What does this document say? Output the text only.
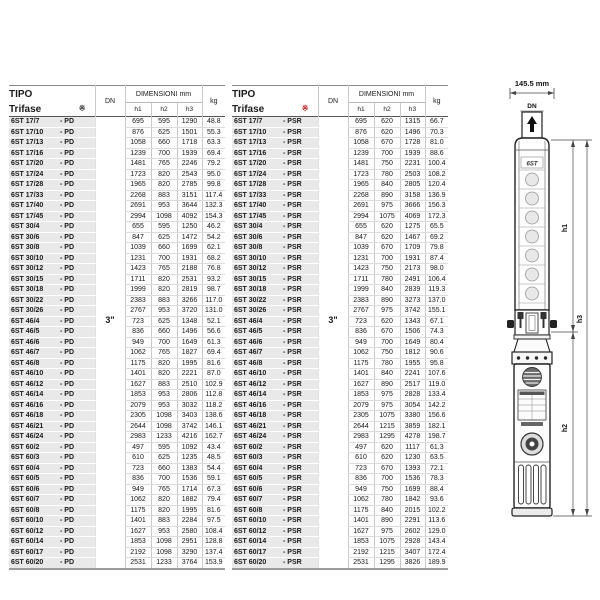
TIPO	DN	DIMENSIONI mm			kg

Trifase ※		h1	h2	h3	
6ST 17/7 - PD		695	595	1290	48.8
6ST 17/10 - PD		876	625	1501	55.3
6ST 17/13 - PD		1058	660	1718	63.3
6ST 17/16 - PD		1239	700	1939	69.4
6ST 17/20 - PD		1481	765	2246	79.2
6ST 17/24 - PD		1723	820	2543	95.0
6ST 17/28 - PD		1965	820	2785	99.8
6ST 17/33 - PD		2268	883	3151	117.4
6ST 17/40 - PD		2691	953	3644	132.3
6ST 17/45 - PD		2994	1098	4092	154.3
6ST 30/4 - PD		655	595	1250	46.2
6ST 30/6 - PD		847	625	1472	54.2
6ST 30/8 - PD		1039	660	1699	62.1
6ST 30/10 - PD		1231	700	1931	68.2
6ST 30/12 - PD		1423	765	2188	76.8
6ST 30/15 - PD		1711	820	2531	93.2
6ST 30/18 - PD		1999	820	2819	98.7
6ST 30/22 - PD		2383	883	3266	117.0
6ST 30/26 - PD		2767	953	3720	131.0
6ST 46/4 - PD		723	625	1348	52.1
6ST 46/5 - PD		836	660	1496	56.6
6ST 46/6 - PD		949	700	1649	61.3
6ST 46/7 - PD		1062	765	1827	69.4
6ST 46/8 - PD		1175	820	1995	81.6
6ST 46/10 - PD		1401	820	2221	87.0
6ST 46/12 - PD		1627	883	2510	102.9
6ST 46/14 - PD		1853	953	2806	112.8
6ST 46/16 - PD		2079	953	3032	118.2
6ST 46/18 - PD		2305	1098	3403	138.6
6ST 46/21 - PD		2644	1098	3742	146.1
6ST 46/24 - PD		2983	1233	4216	162.7
6ST 60/2 - PD		497	595	1092	43.4
6ST 60/3 - PD		610	625	1235	48.5
6ST 60/4 - PD		723	660	1383	54.4
6ST 60/5 - PD		836	700	1536	59.1
6ST 60/6 - PD		949	765	1714	67.3
6ST 60/7 - PD		1062	820	1882	79.4
6ST 60/8 - PD		1175	820	1995	81.6
6ST 60/10 - PD		1401	883	2284	97.5
6ST 60/12 - PD		1627	953	2580	108.4
6ST 60/14 - PD		1853	1098	2951	128.8
6ST 60/17 - PD		2192	1098	3290	137.4
6ST 60/20 - PD		2531	1233	3764	153.9
3"
TIPO	DN	DIMENSIONI mm			kg

Trifase ※		h1	h2	h3	
6ST 17/7 - PSR		695	620	1315	66.7
6ST 17/10 - PSR		876	620	1496	70.3
6ST 17/13 - PSR		1058	670	1728	81.0
6ST 17/16 - PSR		1239	700	1939	88.6
6ST 17/20 - PSR		1481	750	2231	100.4
6ST 17/24 - PSR		1723	780	2503	108.2
6ST 17/28 - PSR		1965	840	2805	120.4
6ST 17/33 - PSR		2268	890	3158	136.9
6ST 17/40 - PSR		2691	975	3666	156.3
6ST 17/45 - PSR		2994	1075	4069	172.3
6ST 30/4 - PSR		655	620	1275	65.5
6ST 30/6 - PSR		847	620	1467	69.2
6ST 30/8 - PSR		1039	670	1709	79.8
6ST 30/10 - PSR		1231	700	1931	87.4
6ST 30/12 - PSR		1423	750	2173	98.0
6ST 30/15 - PSR		1711	780	2491	106.4
6ST 30/18 - PSR		1999	840	2839	119.3
6ST 30/22 - PSR		2383	890	3273	137.0
6ST 30/26 - PSR		2767	975	3742	155.1
6ST 46/4 - PSR		723	620	1343	67.1
6ST 46/5 - PSR		836	670	1506	74.3
6ST 46/6 - PSR		949	700	1649	80.4
6ST 46/7 - PSR		1062	750	1812	90.6
6ST 46/8 - PSR		1175	780	1955	95.8
6ST 46/10 - PSR		1401	840	2241	107.6
6ST 46/12 - PSR		1627	890	2517	119.0
6ST 46/14 - PSR		1853	975	2828	133.4
6ST 46/16 - PSR		2079	975	3054	142.2
6ST 46/18 - PSR		2305	1075	3380	156.6
6ST 46/21 - PSR		2644	1215	3859	182.1
6ST 46/24 - PSR		2983	1295	4278	198.7
6ST 60/2 - PSR		497	620	1117	61.3
6ST 60/3 - PSR		610	620	1230	63.5
6ST 60/4 - PSR		723	670	1393	72.1
6ST 60/5 - PSR		836	700	1536	78.3
6ST 60/6 - PSR		949	750	1699	88.4
6ST 60/7 - PSR		1062	780	1842	93.6
6ST 60/8 - PSR		1175	840	2015	102.2
6ST 60/10 - PSR		1401	890	2291	113.6
6ST 60/12 - PSR		1627	975	2602	129.0
6ST 60/14 - PSR		1853	1075	2928	143.4
6ST 60/17 - PSR		2192	1215	3407	172.4
6ST 60/20 - PSR		2531	1295	3826	189.9
3"
145.5 mm
DN
6ST
h1
h2
h3
